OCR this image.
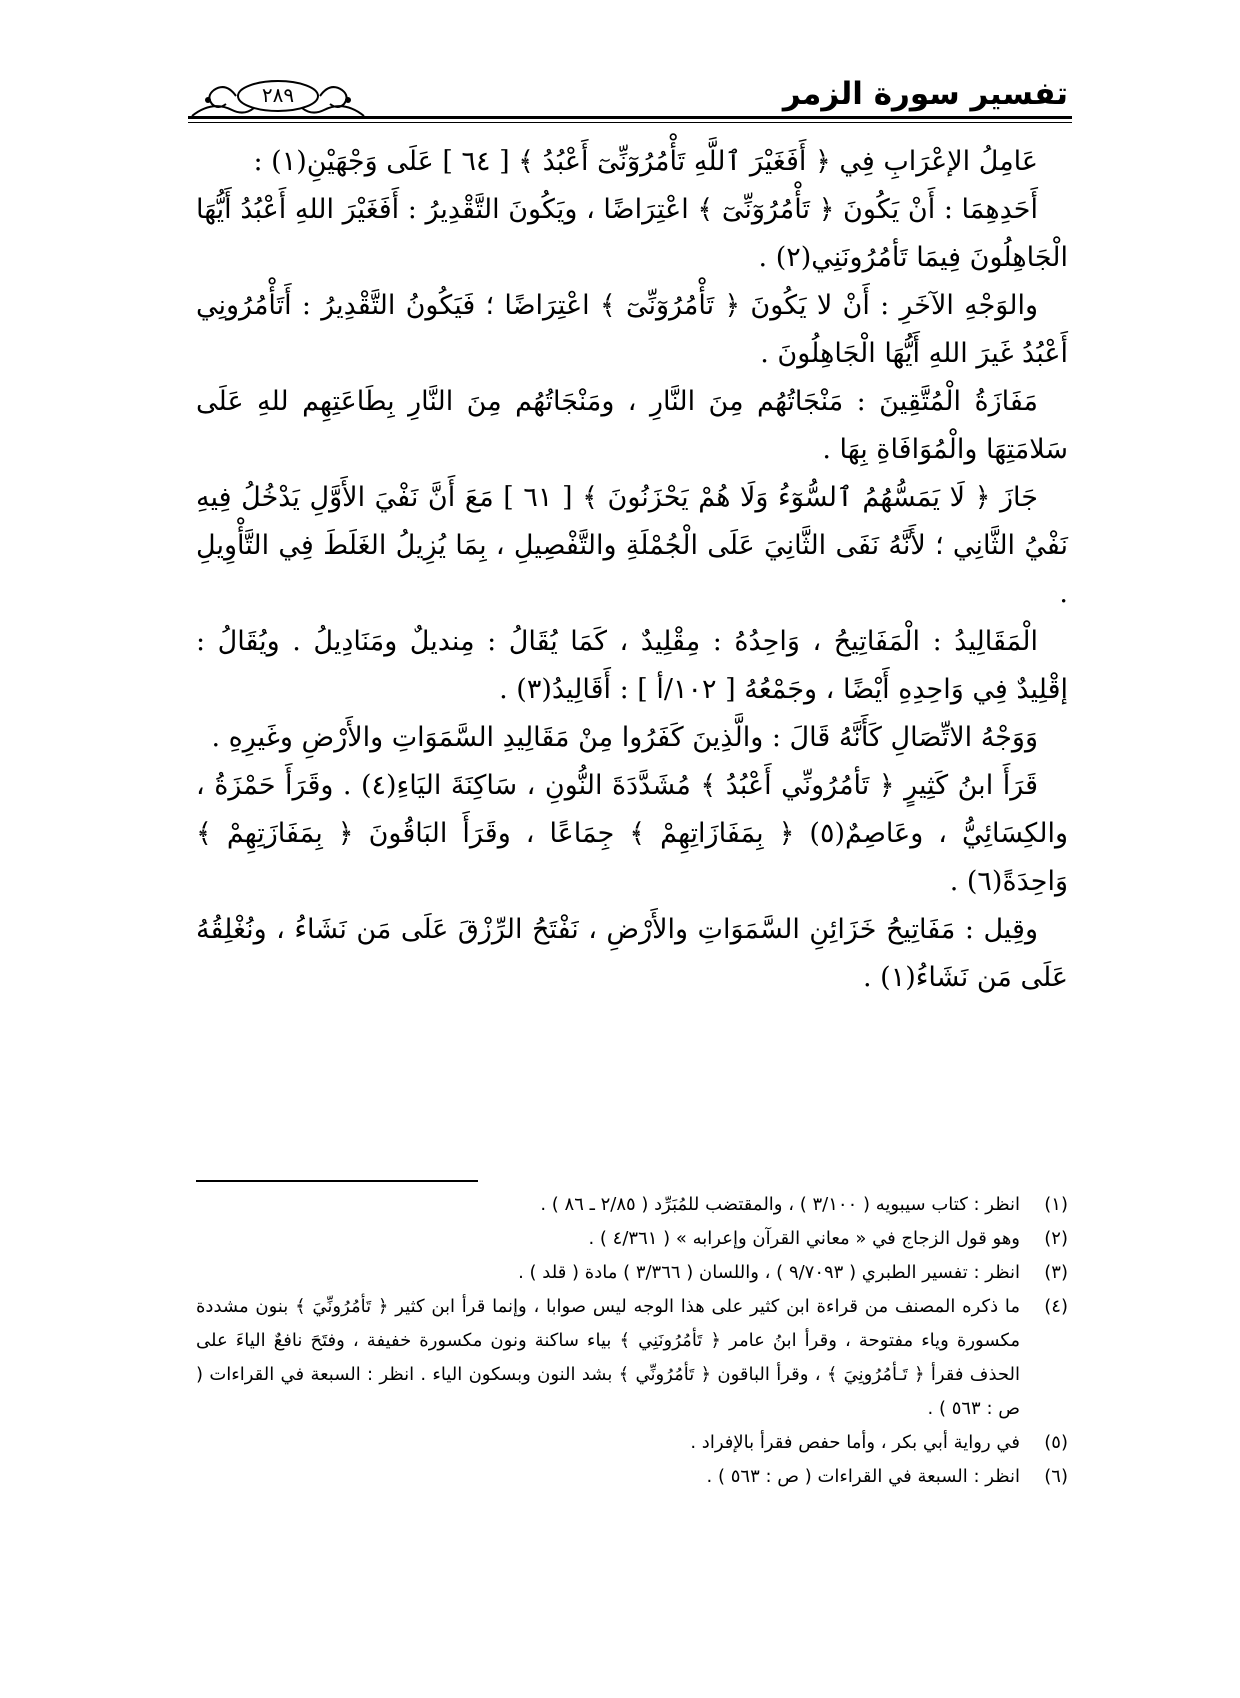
تفسير سورة الزمر
٢٨٩

عَامِلُ الإعْرَابِ فِي ﴿ أَفَغَيْرَ ٱللَّهِ تَأْمُرُوٓنِّىٓ أَعْبُدُ ﴾ [ ٦٤ ] عَلَى وَجْهَيْنِ(١) :

أَحَدِهِمَا : أَنْ يَكُونَ ﴿ تَأْمُرُوٓنِّىٓ ﴾ اعْتِرَاضًا ، ويَكُونَ التَّقْدِيرُ : أَفَغَيْرَ اللهِ أَعْبُدُ أَيُّهَا الْجَاهِلُونَ فِيمَا تَأمُرُونَنِي(٢) .

والوَجْهِ الآخَرِ : أَنْ لا يَكُونَ ﴿ تَأْمُرُوٓنِّىٓ ﴾ اعْتِرَاضًا ؛ فَيَكُونُ التَّقْدِيرُ : أَتَأْمُرُونِي أَعْبُدُ غَيرَ اللهِ أَيُّهَا الْجَاهِلُونَ .

مَفَازَةُ الْمُتَّقِينَ : مَنْجَاتُهُم مِنَ النَّارِ ، ومَنْجَاتُهُم مِنَ النَّارِ بِطَاعَتِهِم للهِ عَلَى سَلامَتِهَا والْمُوَافَاةِ بِهَا .

جَازَ ﴿ لَا يَمَسُّهُمُ ٱلسُّوٓءُ وَلَا هُمْ يَحْزَنُونَ ﴾ [ ٦١ ] مَعَ أَنَّ نَفْيَ الأَوَّلِ يَدْخُلُ فِيهِ نَفْيُ الثَّانِي ؛ لأَنَّهُ نَفَى الثَّانِيَ عَلَى الْجُمْلَةِ والتَّفْصِيلِ ، بِمَا يُزِيلُ الغَلَطَ فِي التَّأْوِيلِ .

الْمَقَالِيدُ : الْمَفَاتِيحُ ، وَاحِدُهُ : مِقْلِيدٌ ، كَمَا يُقَالُ : مِنديلٌ ومَنَادِيلُ . ويُقَالُ : إقْلِيدٌ فِي وَاحِدِهِ أَيْضًا ، وجَمْعُهُ [ ١٠٢/أ ] : أَقَالِيدُ(٣) .

وَوَجْهُ الاتِّصَالِ كَأَنَّهُ قَالَ : والَّذِينَ كَفَرُوا مِنْ مَقَالِيدِ السَّمَوَاتِ والأَرْضِ وغَيرِهِ .

قَرَأَ ابنُ كَثِيرٍ ﴿ تَأمُرُونِّي أَعْبُدُ ﴾ مُشَدَّدَةَ النُّونِ ، سَاكِنَةَ اليَاءِ(٤) . وقَرَأَ حَمْزَةُ ، والكِسَائِيُّ ، وعَاصِمٌ(٥) ﴿ بِمَفَازَاتِهِمْ ﴾ جِمَاعًا ، وقَرَأَ البَاقُونَ ﴿ بِمَفَازَتِهِمْ ﴾ وَاحِدَةً(٦) .

وقِيل : مَفَاتِيحُ خَزَائِنِ السَّمَوَاتِ والأَرْضِ ، نَفْتَحُ الرِّزْقَ عَلَى مَن نَشَاءُ ، ونُغْلِقُهُ عَلَى مَن نَشَاءُ(١) .

(١)
انظر : كتاب سيبويه ( ٣/١٠٠ ) ، والمقتضب للمُبَرِّد ( ٢/٨٥ ـ ٨٦ ) .
(٢)
وهو قول الزجاج في « معاني القرآن وإعرابه » ( ٤/٣٦١ ) .
(٣)
انظر : تفسير الطبري ( ٩/٧٠٩٣ ) ، واللسان ( ٣/٣٦٦ ) مادة ( قلد ) .
(٤)
ما ذكره المصنف من قراءة ابن كثير على هذا الوجه ليس صوابا ، وإنما قرأ ابن كثير ﴿ تَأمُرُونِّيَ ﴾ بنون مشددة مكسورة وياء مفتوحة ، وقرأ ابنُ عامر ﴿ تَأمُرُونَنِي ﴾ بياء ساكنة ونون مكسورة خفيفة ، وفتَحَ نافعٌ الياءَ على الحذف فقرأ ﴿ تَـأمُرُونِيَ ﴾ ، وقرأ الباقون ﴿ تَأمُرُونِّي ﴾ بشد النون وبسكون الياء . انظر : السبعة في القراءات ( ص : ٥٦٣ ) .
(٥)
في رواية أبي بكر ، وأما حفص فقرأ بالإفراد .
(٦)
انظر : السبعة في القراءات ( ص : ٥٦٣ ) .
